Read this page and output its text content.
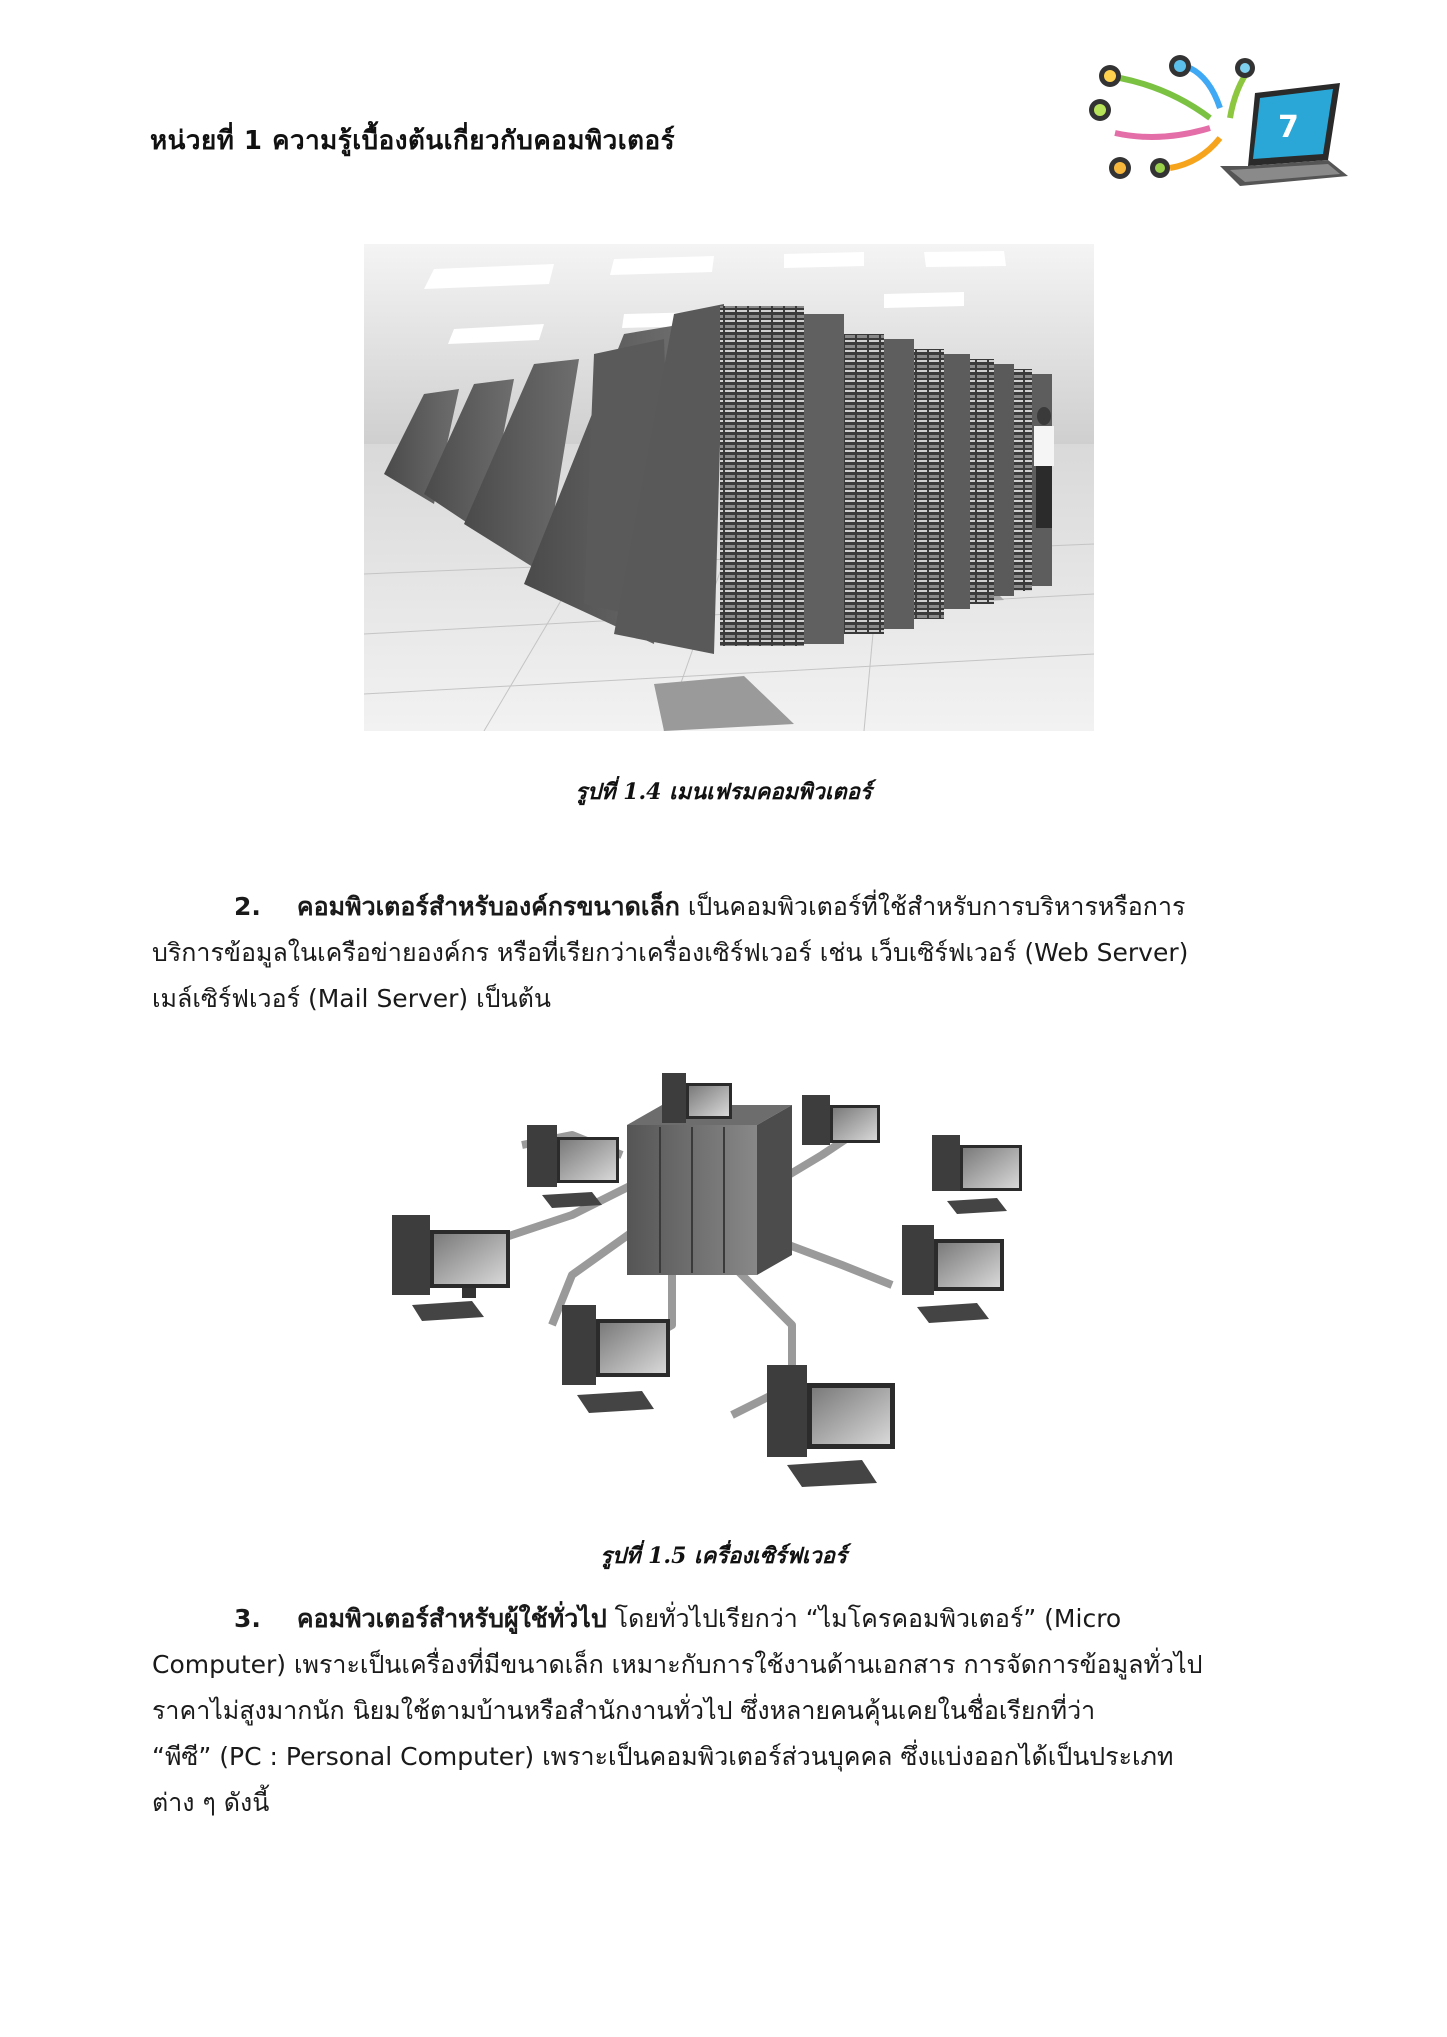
หน่วยที่ 1 ความรู้เบื้องต้นเกี่ยวกับคอมพิวเตอร์	7
รูปที่ 1.4 เมนเฟรมคอมพิวเตอร์
2. คอมพิวเตอร์สำหรับองค์กรขนาดเล็ก เป็นคอมพิวเตอร์ที่ใช้สำหรับการบริหารหรือการ
บริการข้อมูลในเครือข่ายองค์กร หรือที่เรียกว่าเครื่องเซิร์ฟเวอร์ เช่น เว็บเซิร์ฟเวอร์ (Web Server)
เมล์เซิร์ฟเวอร์ (Mail Server) เป็นต้น
รูปที่ 1.5 เครื่องเซิร์ฟเวอร์
3. คอมพิวเตอร์สำหรับผู้ใช้ทั่วไป โดยทั่วไปเรียกว่า “ไมโครคอมพิวเตอร์” (Micro
Computer) เพราะเป็นเครื่องที่มีขนาดเล็ก เหมาะกับการใช้งานด้านเอกสาร การจัดการข้อมูลทั่วไป
ราคาไม่สูงมากนัก นิยมใช้ตามบ้านหรือสำนักงานทั่วไป ซึ่งหลายคนคุ้นเคยในชื่อเรียกที่ว่า
“พีซี” (PC : Personal Computer) เพราะเป็นคอมพิวเตอร์ส่วนบุคคล ซึ่งแบ่งออกได้เป็นประเภท
ต่าง ๆ ดังนี้
